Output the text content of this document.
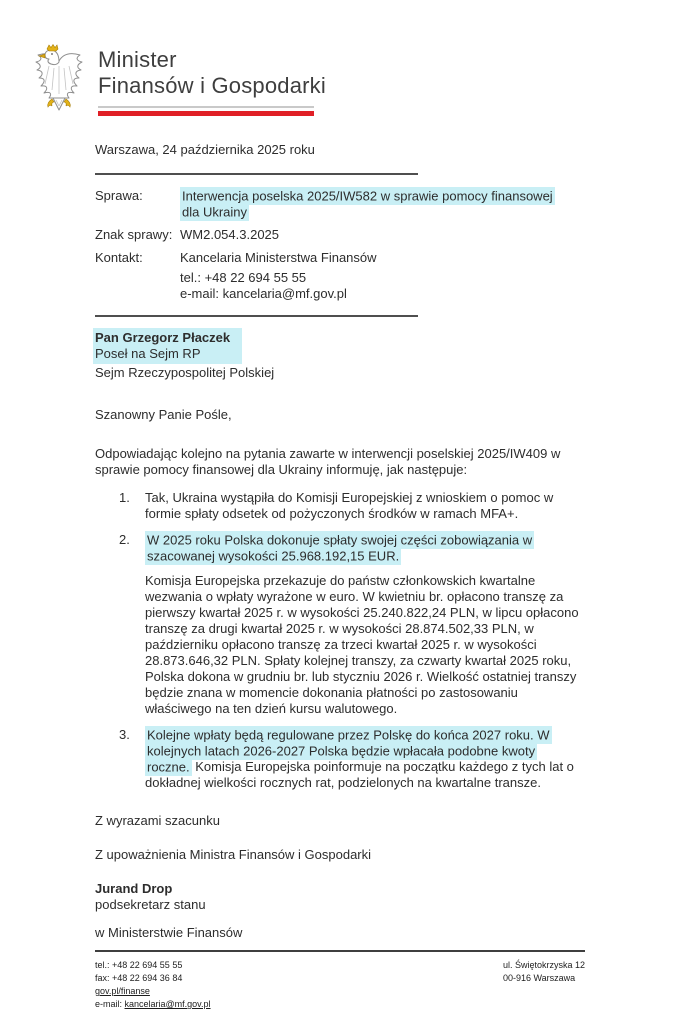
Minister
Finansów i Gospodarki
Warszawa, 24 października 2025 roku
Sprawa:	Interwencja poselska 2025/IW582 w sprawie pomocy finansowej dla Ukrainy
Znak sprawy: WM2.054.3.2025
Kontakt:	Kancelaria Ministerstwa Finansów
tel.: +48 22 694 55 55
e-mail: kancelaria@mf.gov.pl
Pan Grzegorz Płaczek
Poseł na Sejm RP
Sejm Rzeczypospolitej Polskiej
Szanowny Panie Pośle,
Odpowiadając kolejno na pytania zawarte w interwencji poselskiej 2025/IW409 w sprawie pomocy finansowej dla Ukrainy informuję, jak następuje:
1.	Tak, Ukraina wystąpiła do Komisji Europejskiej z wnioskiem o pomoc w formie spłaty odsetek od pożyczonych środków w ramach MFA+.
2.	W 2025 roku Polska dokonuje spłaty swojej części zobowiązania w szacowanej wysokości 25.968.192,15 EUR.
Komisja Europejska przekazuje do państw członkowskich kwartalne wezwania o wpłaty wyrażone w euro. W kwietniu br. opłacono transzę za pierwszy kwartał 2025 r. w wysokości 25.240.822,24 PLN, w lipcu opłacono transzę za drugi kwartał 2025 r. w wysokości 28.874.502,33 PLN, w październiku opłacono transzę za trzeci kwartał 2025 r. w wysokości 28.873.646,32 PLN. Spłaty kolejnej transzy, za czwarty kwartał 2025 roku, Polska dokona w grudniu br. lub styczniu 2026 r. Wielkość ostatniej transzy będzie znana w momencie dokonania płatności po zastosowaniu właściwego na ten dzień kursu walutowego.
3.	Kolejne wpłaty będą regulowane przez Polskę do końca 2027 roku. W kolejnych latach 2026-2027 Polska będzie wpłacała podobne kwoty roczne. Komisja Europejska poinformuje na początku każdego z tych lat o dokładnej wielkości rocznych rat, podzielonych na kwartalne transze.
Z wyrazami szacunku
Z upoważnienia Ministra Finansów i Gospodarki
Jurand Drop
podsekretarz stanu
w Ministerstwie Finansów
tel.: +48 22 694 55 55
fax: +48 22 694 36 84
gov.pl/finanse
e-mail: kancelaria@mf.gov.pl
ul. Świętokrzyska 12
00-916 Warszawa
